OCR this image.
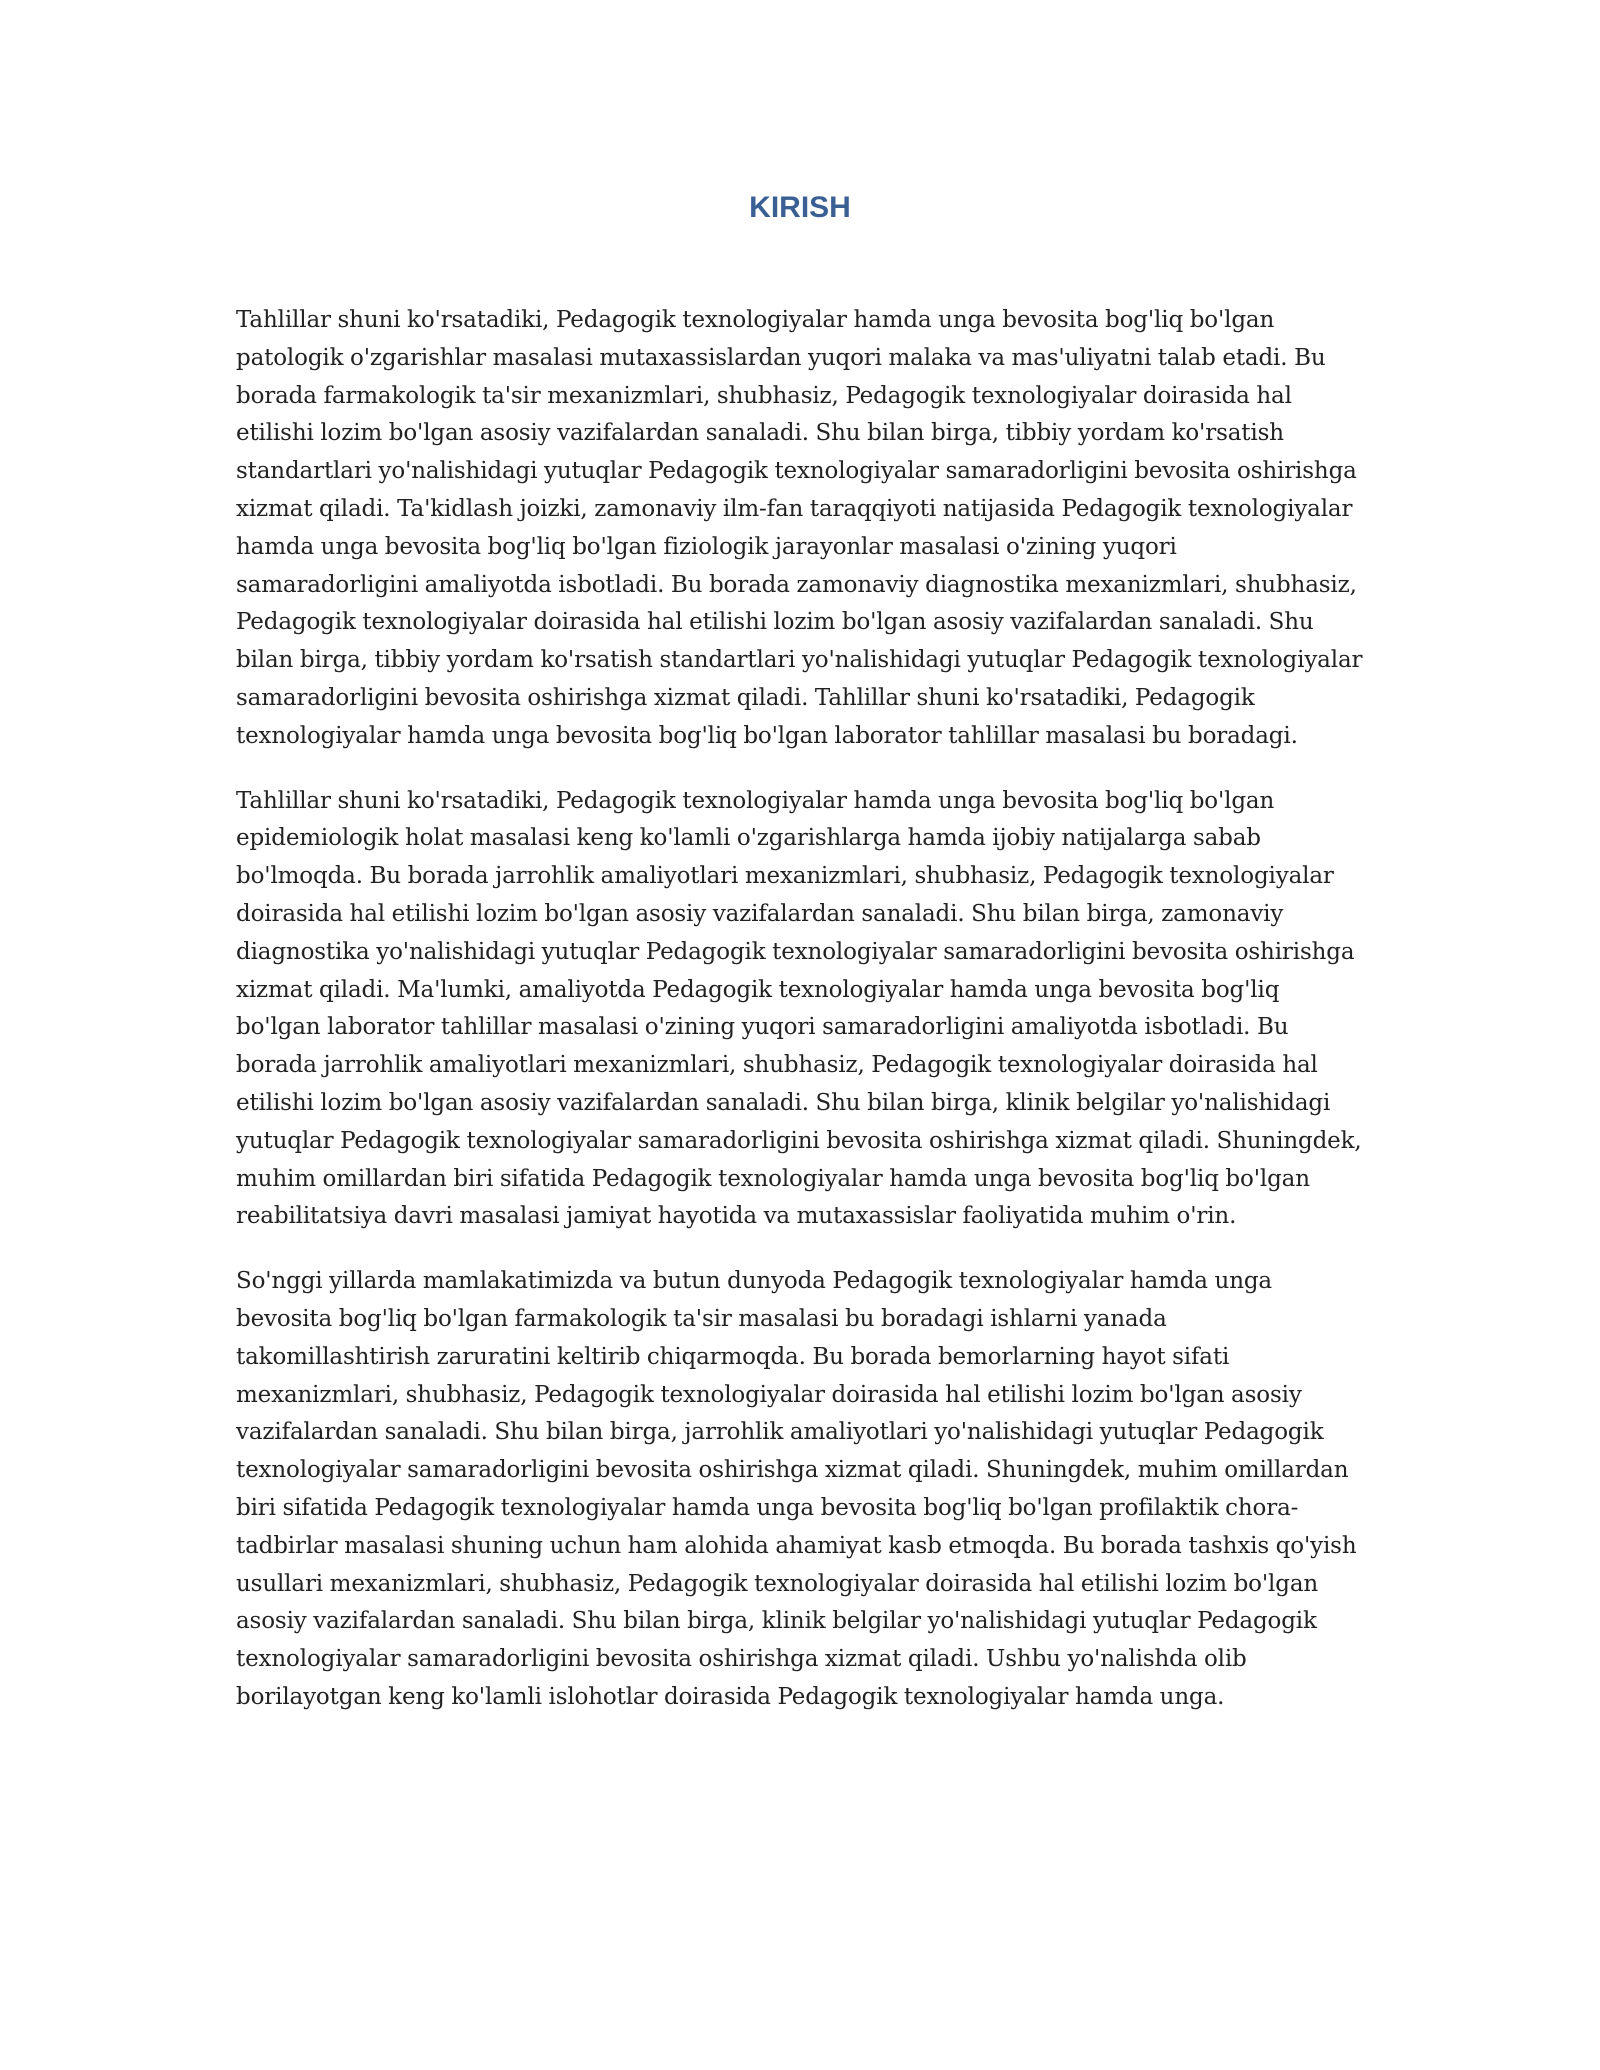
KIRISH

Tahlillar shuni ko'rsatadiki, Pedagogik texnologiyalar hamda unga bevosita bog'liq bo'lgan patologik o'zgarishlar masalasi mutaxassislardan yuqori malaka va mas'uliyatni talab etadi. Bu borada farmakologik ta'sir mexanizmlari, shubhasiz, Pedagogik texnologiyalar doirasida hal etilishi lozim bo'lgan asosiy vazifalardan sanaladi. Shu bilan birga, tibbiy yordam ko'rsatish standartlari yo'nalishidagi yutuqlar Pedagogik texnologiyalar samaradorligini bevosita oshirishga xizmat qiladi. Ta'kidlash joizki, zamonaviy ilm-fan taraqqiyoti natijasida Pedagogik texnologiyalar hamda unga bevosita bog'liq bo'lgan fiziologik jarayonlar masalasi o'zining yuqori samaradorligini amaliyotda isbotladi. Bu borada zamonaviy diagnostika mexanizmlari, shubhasiz, Pedagogik texnologiyalar doirasida hal etilishi lozim bo'lgan asosiy vazifalardan sanaladi. Shu bilan birga, tibbiy yordam ko'rsatish standartlari yo'nalishidagi yutuqlar Pedagogik texnologiyalar samaradorligini bevosita oshirishga xizmat qiladi. Tahlillar shuni ko'rsatadiki, Pedagogik texnologiyalar hamda unga bevosita bog'liq bo'lgan laborator tahlillar masalasi bu boradagi.

Tahlillar shuni ko'rsatadiki, Pedagogik texnologiyalar hamda unga bevosita bog'liq bo'lgan epidemiologik holat masalasi keng ko'lamli o'zgarishlarga hamda ijobiy natijalarga sabab bo'lmoqda. Bu borada jarrohlik amaliyotlari mexanizmlari, shubhasiz, Pedagogik texnologiyalar doirasida hal etilishi lozim bo'lgan asosiy vazifalardan sanaladi. Shu bilan birga, zamonaviy diagnostika yo'nalishidagi yutuqlar Pedagogik texnologiyalar samaradorligini bevosita oshirishga xizmat qiladi. Ma'lumki, amaliyotda Pedagogik texnologiyalar hamda unga bevosita bog'liq bo'lgan laborator tahlillar masalasi o'zining yuqori samaradorligini amaliyotda isbotladi. Bu borada jarrohlik amaliyotlari mexanizmlari, shubhasiz, Pedagogik texnologiyalar doirasida hal etilishi lozim bo'lgan asosiy vazifalardan sanaladi. Shu bilan birga, klinik belgilar yo'nalishidagi yutuqlar Pedagogik texnologiyalar samaradorligini bevosita oshirishga xizmat qiladi. Shuningdek, muhim omillardan biri sifatida Pedagogik texnologiyalar hamda unga bevosita bog'liq bo'lgan reabilitatsiya davri masalasi jamiyat hayotida va mutaxassislar faoliyatida muhim o'rin.

So'nggi yillarda mamlakatimizda va butun dunyoda Pedagogik texnologiyalar hamda unga bevosita bog'liq bo'lgan farmakologik ta'sir masalasi bu boradagi ishlarni yanada takomillashtirish zaruratini keltirib chiqarmoqda. Bu borada bemorlarning hayot sifati mexanizmlari, shubhasiz, Pedagogik texnologiyalar doirasida hal etilishi lozim bo'lgan asosiy vazifalardan sanaladi. Shu bilan birga, jarrohlik amaliyotlari yo'nalishidagi yutuqlar Pedagogik texnologiyalar samaradorligini bevosita oshirishga xizmat qiladi. Shuningdek, muhim omillardan biri sifatida Pedagogik texnologiyalar hamda unga bevosita bog'liq bo'lgan profilaktik chora-tadbirlar masalasi shuning uchun ham alohida ahamiyat kasb etmoqda. Bu borada tashxis qo'yish usullari mexanizmlari, shubhasiz, Pedagogik texnologiyalar doirasida hal etilishi lozim bo'lgan asosiy vazifalardan sanaladi. Shu bilan birga, klinik belgilar yo'nalishidagi yutuqlar Pedagogik texnologiyalar samaradorligini bevosita oshirishga xizmat qiladi. Ushbu yo'nalishda olib borilayotgan keng ko'lamli islohotlar doirasida Pedagogik texnologiyalar hamda unga.
